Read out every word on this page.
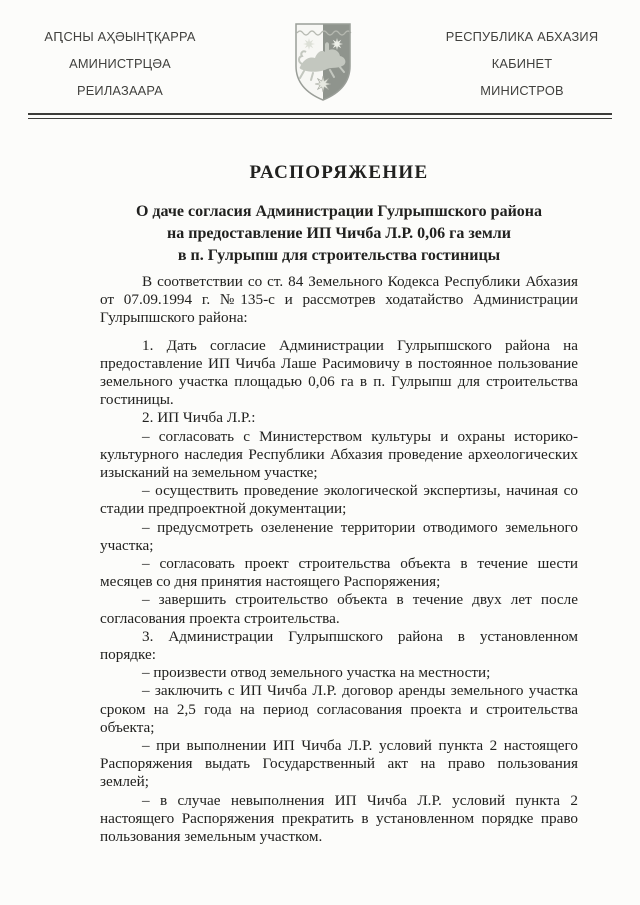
АԤСНЫ АҲӘЫНҬҚАРРА
АМИНИСТРЦӘА
РЕИЛАЗААРА
РЕСПУБЛИКА АБХАЗИЯ
КАБИНЕТ
МИНИСТРОВ
РАСПОРЯЖЕНИЕ
О даче согласия Администрации Гулрыпшского района
на предоставление ИП Чичба Л.Р. 0,06 га земли
в п. Гулрыпш для строительства гостиницы

В соответствии со ст. 84 Земельного Кодекса Республики Абхазия от 07.09.1994 г. №135-с и рассмотрев ходатайство Администрации Гулрыпшского района:

1. Дать согласие Администрации Гулрыпшского района на предоставление ИП Чичба Лаше Расимовичу в постоянное пользование земельного участка площадью 0,06 га в п. Гулрыпш для строительства гостиницы.

2. ИП Чичба Л.Р.:

– согласовать с Министерством культуры и охраны историко-культурного наследия Республики Абхазия проведение археологических изысканий на земельном участке;

– осуществить проведение экологической экспертизы, начиная со стадии предпроектной документации;

– предусмотреть озеленение территории отводимого земельного участка;

– согласовать проект строительства объекта в течение шести месяцев со дня принятия настоящего Распоряжения;

– завершить строительство объекта в течение двух лет после согласования проекта строительства.

3. Администрации Гулрыпшского района в установленном порядке:

– произвести отвод земельного участка на местности;

– заключить с ИП Чичба Л.Р. договор аренды земельного участка сроком на 2,5 года на период согласования проекта и строительства объекта;

– при выполнении ИП Чичба Л.Р. условий пункта 2 настоящего Распоряжения выдать Государственный акт на право пользования землей;

– в случае невыполнения ИП Чичба Л.Р. условий пункта 2 настоящего Распоряжения прекратить в установленном порядке право пользования земельным участком.
